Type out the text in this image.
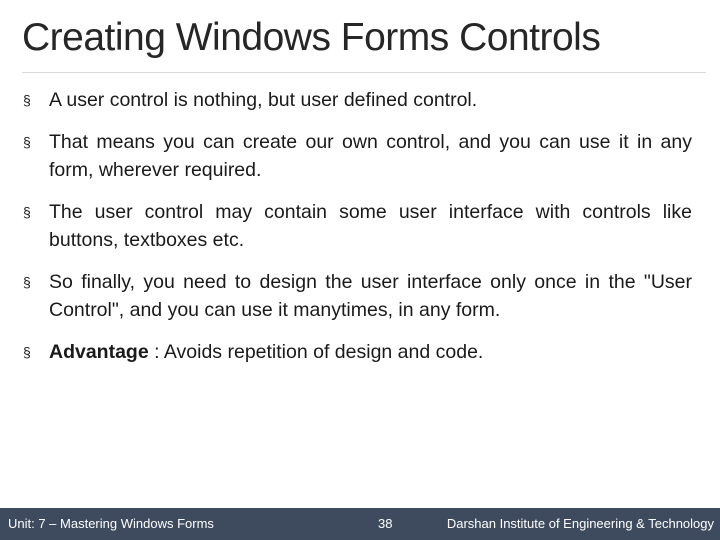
Creating Windows Forms Controls
§ A user control is nothing, but user defined control.
§ That means you can create our own control, and you can use it in any form, wherever required.
§ The user control may contain some user interface with controls like buttons, textboxes etc.
§ So finally, you need to design the user interface only once in the "User Control", and you can use it manytimes, in any form.
§ Advantage : Avoids repetition of design and code.
Unit: 7 – Mastering Windows Forms	38	Darshan Institute of Engineering & Technology
